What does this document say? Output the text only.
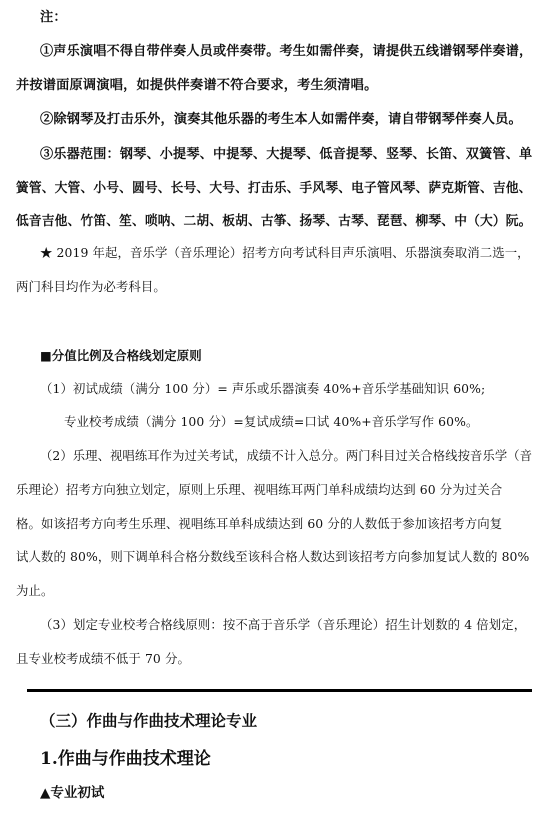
注：
①声乐演唱不得自带伴奏人员或伴奏带。考生如需伴奏，请提供五线谱钢琴伴奏谱，
并按谱面原调演唱，如提供伴奏谱不符合要求，考生须清唱。
②除钢琴及打击乐外，演奏其他乐器的考生本人如需伴奏，请自带钢琴伴奏人员。
③乐器范围：钢琴、小提琴、中提琴、大提琴、低音提琴、竖琴、长笛、双簧管、单
簧管、大管、小号、圆号、长号、大号、打击乐、手风琴、电子管风琴、萨克斯管、吉他、
低音吉他、竹笛、笙、唢呐、二胡、板胡、古筝、扬琴、古琴、琵琶、柳琴、中（大）阮。
★ 2019 年起，音乐学（音乐理论）招考方向考试科目声乐演唱、乐器演奏取消二选一，
两门科目均作为必考科目。
■分值比例及合格线划定原则
（1）初试成绩（满分 100 分）= 声乐或乐器演奏 40%+音乐学基础知识 60%;
专业校考成绩（满分 100 分）=复试成绩=口试 40%+音乐学写作 60%。
（2）乐理、视唱练耳作为过关考试，成绩不计入总分。两门科目过关合格线按音乐学（音
乐理论）招考方向独立划定，原则上乐理、视唱练耳两门单科成绩均达到 60 分为过关合
格。如该招考方向考生乐理、视唱练耳单科成绩达到 60 分的人数低于参加该招考方向复
试人数的 80%，则下调单科合格分数线至该科合格人数达到该招考方向参加复试人数的 80%
为止。
（3）划定专业校考合格线原则：按不高于音乐学（音乐理论）招生计划数的 4 倍划定，
且专业校考成绩不低于 70 分。
（三）作曲与作曲技术理论专业
1.作曲与作曲技术理论
▲专业初试
